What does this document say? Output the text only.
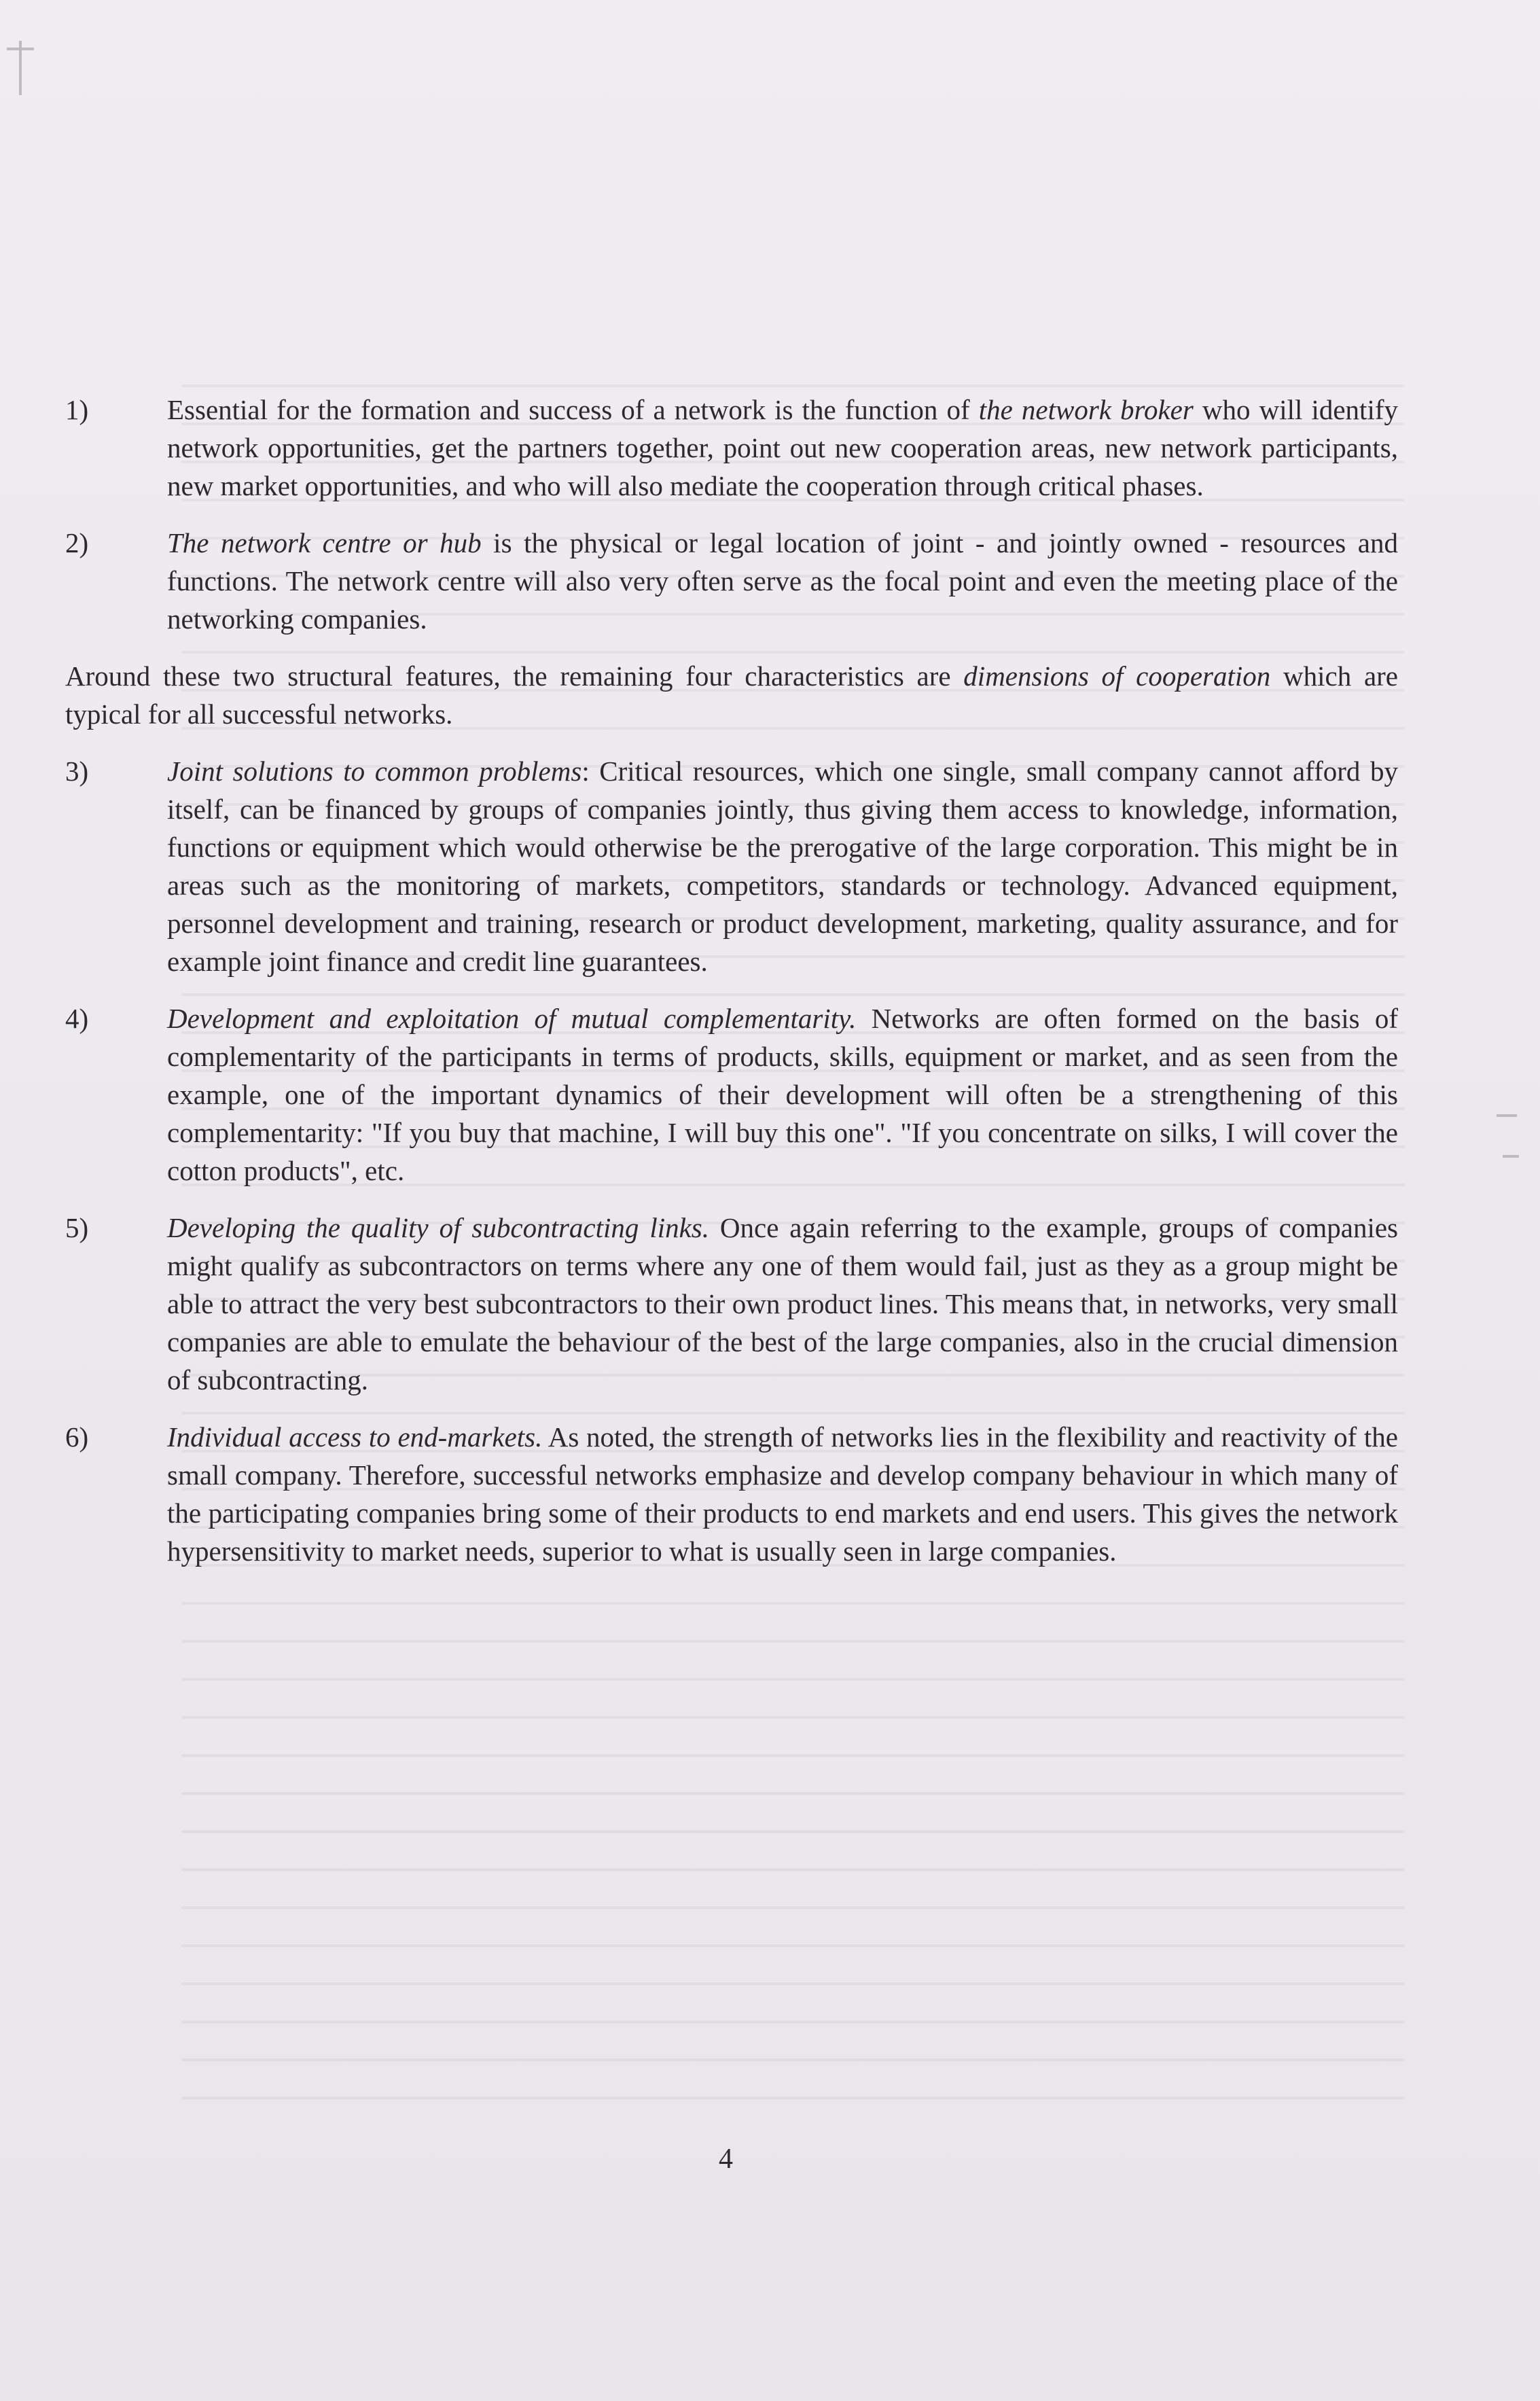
1)	Essential for the formation and success of a network is the function of the network broker who will identify network opportunities, get the partners together, point out new cooperation areas, new network participants, new market opportunities, and who will also mediate the cooperation through critical phases.
2)	The network centre or hub is the physical or legal location of joint - and jointly owned - resources and functions. The network centre will also very often serve as the focal point and even the meeting place of the networking companies.
Around these two structural features, the remaining four characteristics are dimensions of cooperation which are typical for all successful networks.
3)	Joint solutions to common problems: Critical resources, which one single, small company cannot afford by itself, can be financed by groups of companies jointly, thus giving them access to knowledge, information, functions or equipment which would otherwise be the prerogative of the large corporation. This might be in areas such as the monitoring of markets, competitors, standards or technology. Advanced equipment, personnel development and training, research or product development, marketing, quality assurance, and for example joint finance and credit line guarantees.
4)	Development and exploitation of mutual complementarity. Networks are often formed on the basis of complementarity of the participants in terms of products, skills, equipment or market, and as seen from the example, one of the important dynamics of their development will often be a strengthening of this complementarity: "If you buy that machine, I will buy this one". "If you concentrate on silks, I will cover the cotton products", etc.
5)	Developing the quality of subcontracting links. Once again referring to the example, groups of companies might qualify as subcontractors on terms where any one of them would fail, just as they as a group might be able to attract the very best subcontractors to their own product lines. This means that, in networks, very small companies are able to emulate the behaviour of the best of the large companies, also in the crucial dimension of subcontracting.
6)	Individual access to end-markets. As noted, the strength of networks lies in the flexibility and reactivity of the small company. Therefore, successful networks emphasize and develop company behaviour in which many of the participating companies bring some of their products to end markets and end users. This gives the network hypersensitivity to market needs, superior to what is usually seen in large companies.
4
